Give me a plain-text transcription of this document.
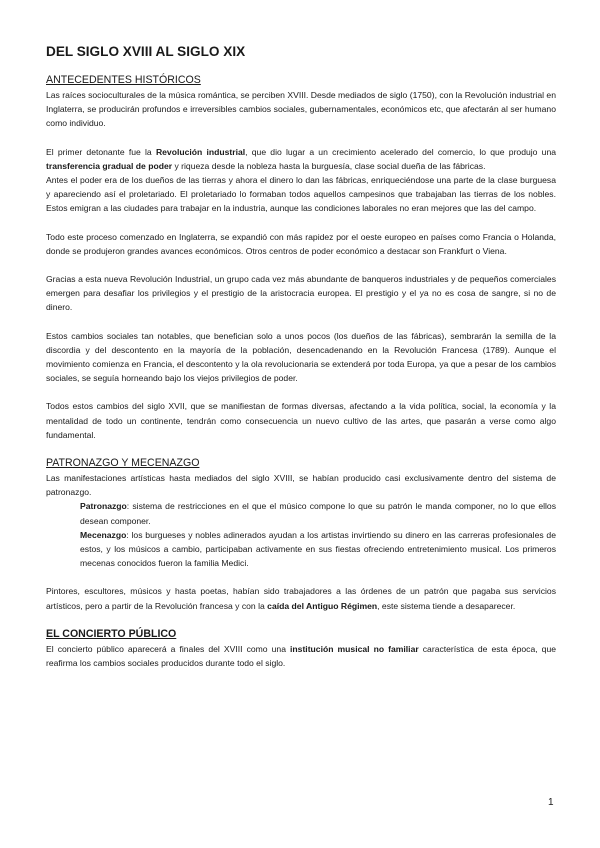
DEL SIGLO XVIII AL SIGLO XIX
ANTECEDENTES HISTÓRICOS

Las raíces socioculturales de la música romántica, se perciben XVIII. Desde mediados de siglo (1750), con la Revolución industrial en Inglaterra, se producirán profundos e irreversibles cambios sociales, gubernamentales, económicos etc, que afectarán al ser humano como individuo.

El primer detonante fue la Revolución industrial, que dio lugar a un crecimiento acelerado del comercio, lo que produjo una transferencia gradual de poder y riqueza desde la nobleza hasta la burguesía, clase social dueña de las fábricas.

Antes el poder era de los dueños de las tierras y ahora el dinero lo dan las fábricas, enriqueciéndose una parte de la clase burguesa y apareciendo así el proletariado. El proletariado lo formaban todos aquellos campesinos que trabajaban las tierras de los nobles. Estos emigran a las ciudades para trabajar en la industria, aunque las condiciones laborales no eran mejores que las del campo.

Todo este proceso comenzado en Inglaterra, se expandió con más rapidez por el oeste europeo en países como Francia o Holanda, donde se produjeron grandes avances económicos. Otros centros de poder económico a destacar son Frankfurt o Viena.

Gracias a esta nueva Revolución Industrial, un grupo cada vez más abundante de banqueros industriales y de pequeños comerciales emergen para desafiar los privilegios y el prestigio de la aristocracia europea. El prestigio y el ya no es cosa de sangre, si no de dinero.

Estos cambios sociales tan notables, que benefician solo a unos pocos (los dueños de las fábricas), sembrarán la semilla de la discordia y del descontento en la mayoría de la población, desencadenando en la Revolución Francesa (1789). Aunque el movimiento comienza en Francia, el descontento y la ola revolucionaria se extenderá por toda Europa, ya que a pesar de los cambios sociales, se seguía horneando bajo los viejos privilegios de poder.

Todos estos cambios del siglo XVII, que se manifiestan de formas diversas, afectando a la vida política, social, la economía y la mentalidad de todo un continente, tendrán como consecuencia un nuevo cultivo de las artes, que pasarán a verse como algo fundamental.

PATRONAZGO Y MECENAZGO

Las manifestaciones artísticas hasta mediados del siglo XVIII, se habían producido casi exclusivamente dentro del sistema de patronazgo.

Patronazgo: sistema de restricciones en el que el músico compone lo que su patrón le manda componer, no lo que ellos desean componer.

Mecenazgo: los burgueses y nobles adinerados ayudan a los artistas invirtiendo su dinero en las carreras profesionales de estos, y los músicos a cambio, participaban activamente en sus fiestas ofreciendo entretenimiento musical. Los primeros mecenas conocidos fueron la familia Medici.

Pintores, escultores, músicos y hasta poetas, habían sido trabajadores a las órdenes de un patrón que pagaba sus servicios artísticos, pero a partir de la Revolución francesa y con la caída del Antiguo Régimen, este sistema tiende a desaparecer.

EL CONCIERTO PÚBLICO

El concierto público aparecerá a finales del XVIII como una institución musical no familiar característica de esta época, que reafirma los cambios sociales producidos durante todo el siglo.

1
